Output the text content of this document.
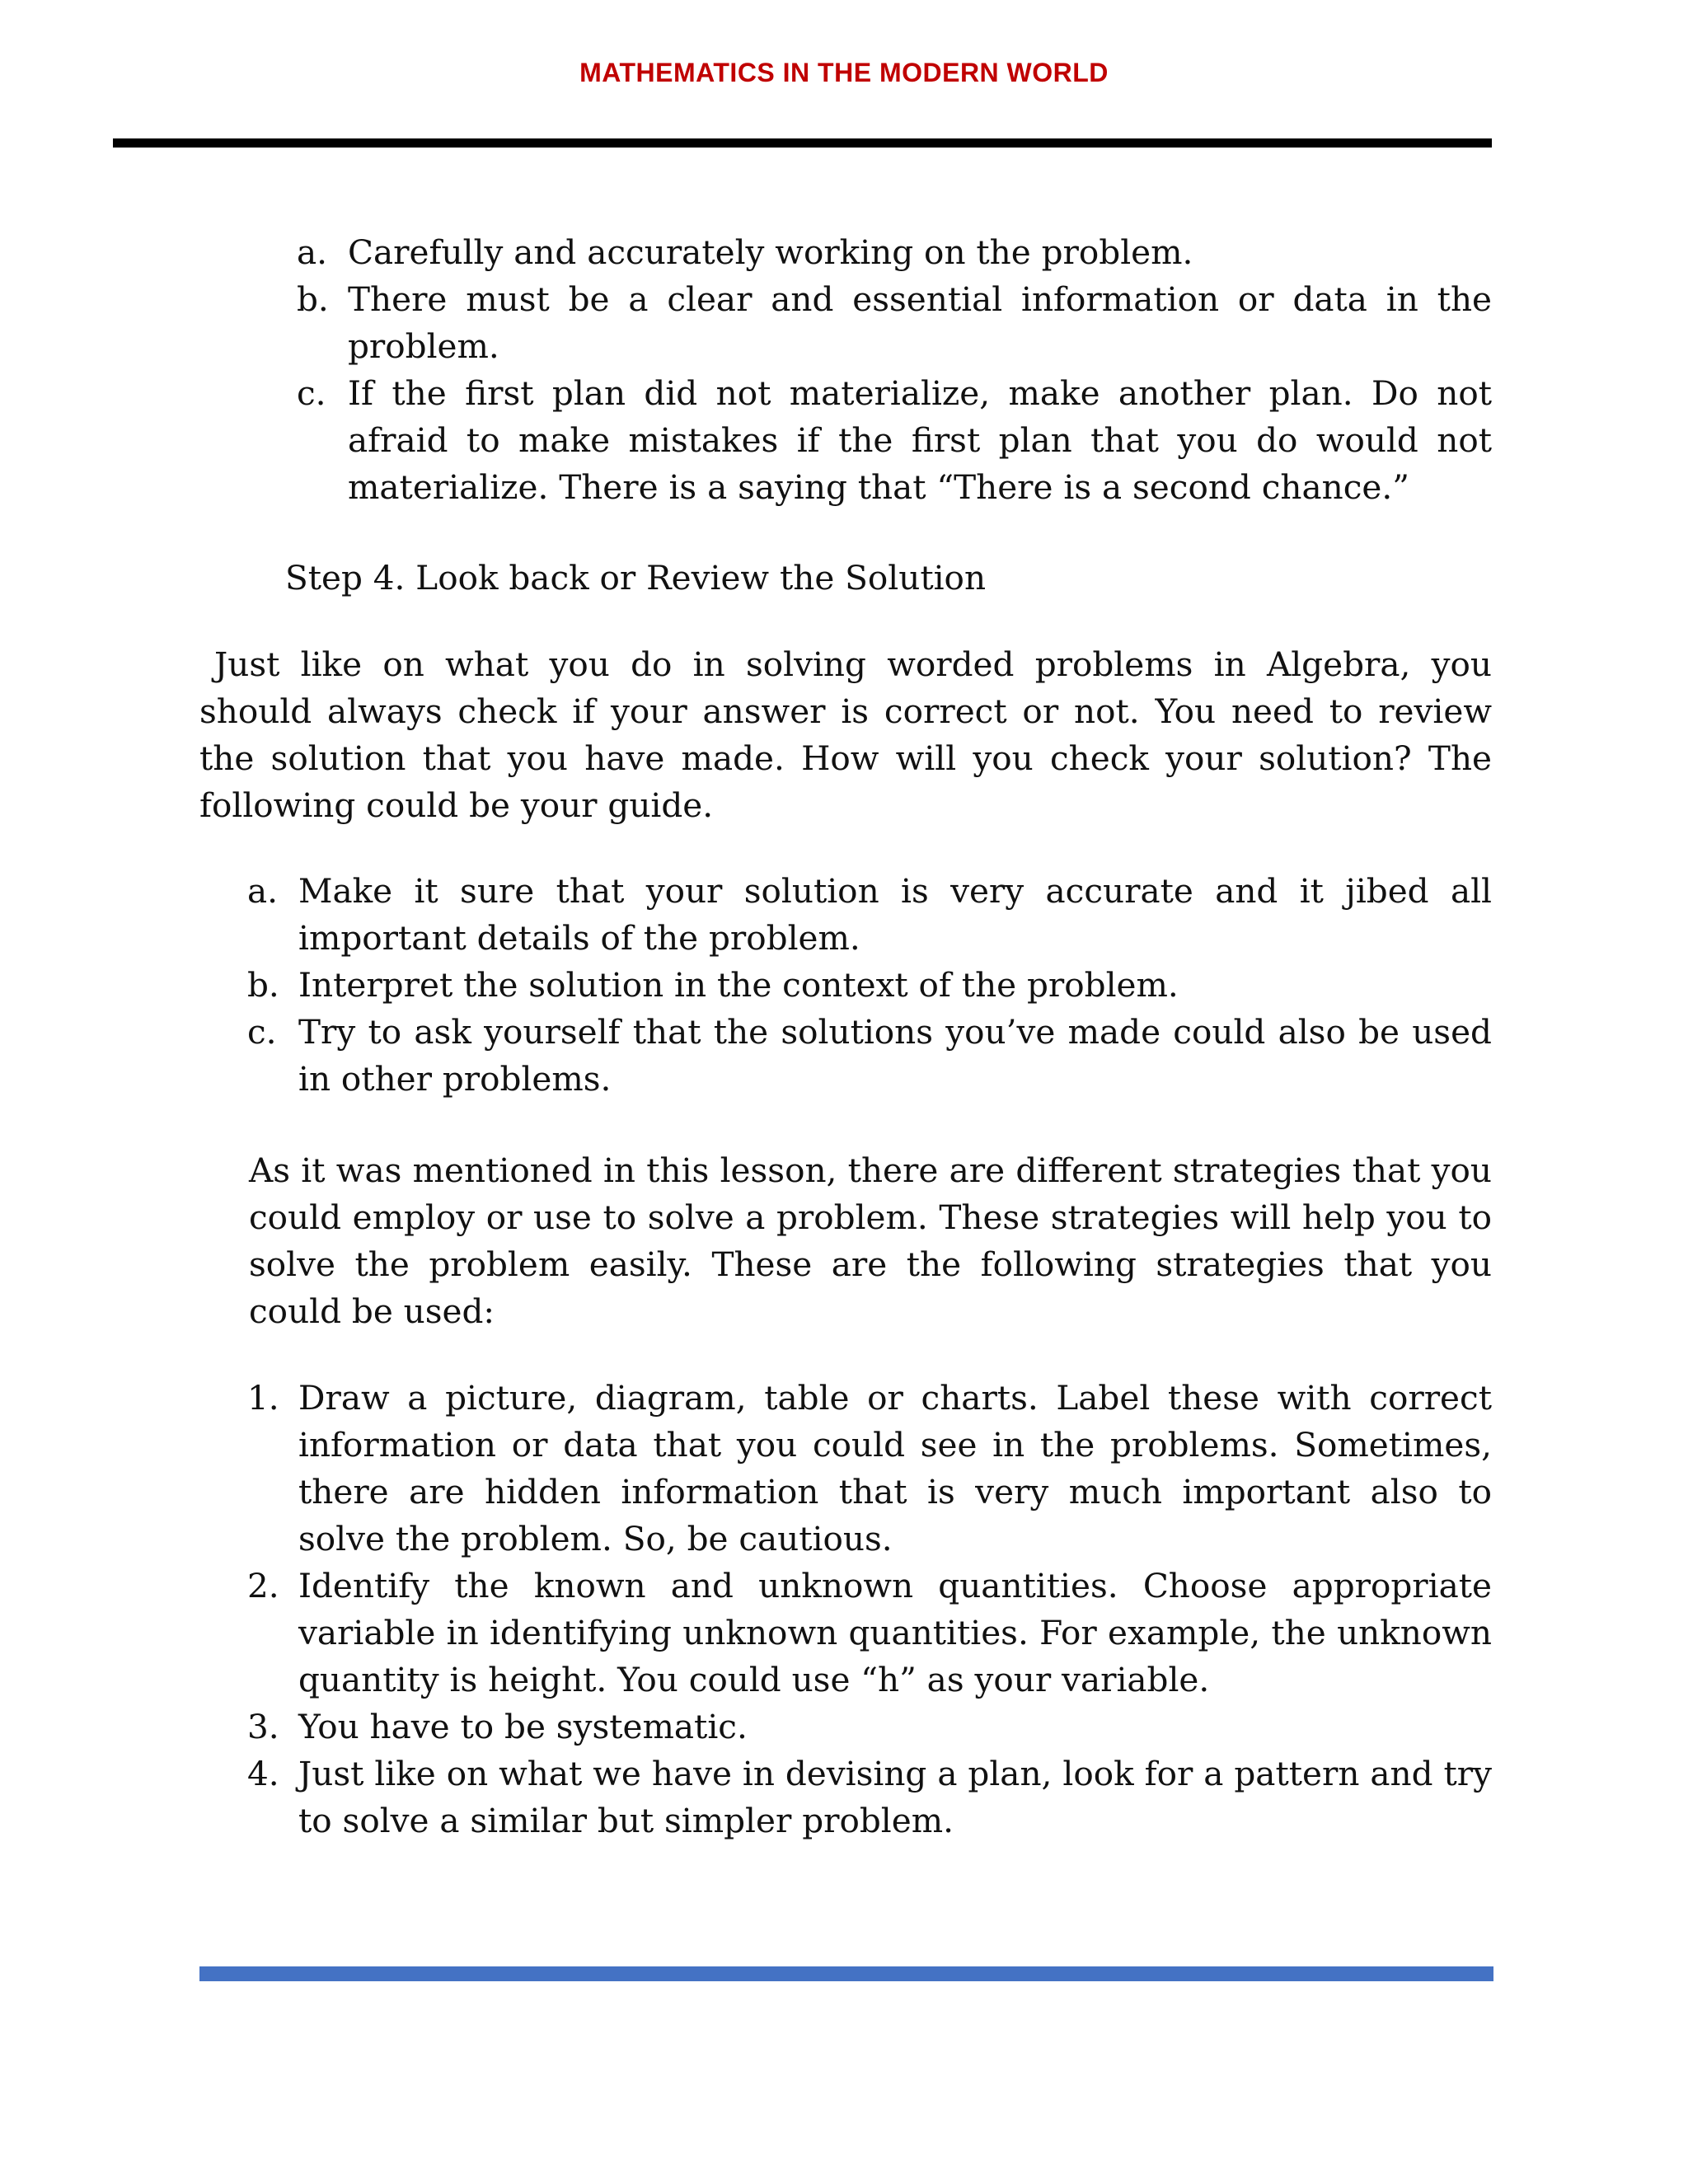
MATHEMATICS IN THE MODERN WORLD
a. Carefully and accurately working on the problem.
b. There must be a clear and essential information or data in the problem.
c. If the first plan did not materialize, make another plan. Do not afraid to make mistakes if the first plan that you do would not materialize. There is a saying that “There is a second chance.”
Step 4. Look back or Review the Solution

Just like on what you do in solving worded problems in Algebra, you should always check if your answer is correct or not. You need to review the solution that you have made. How will you check your solution? The following could be your guide.

a. Make it sure that your solution is very accurate and it jibed all important details of the problem.
b. Interpret the solution in the context of the problem.
c. Try to ask yourself that the solutions you’ve made could also be used in other problems.

As it was mentioned in this lesson, there are different strategies that you could employ or use to solve a problem. These strategies will help you to solve the problem easily. These are the following strategies that you could be used:

1. Draw a picture, diagram, table or charts. Label these with correct information or data that you could see in the problems. Sometimes, there are hidden information that is very much important also to solve the problem. So, be cautious.
2. Identify the known and unknown quantities. Choose appropriate variable in identifying unknown quantities. For example, the unknown quantity is height. You could use “h” as your variable.
3. You have to be systematic.
4. Just like on what we have in devising a plan, look for a pattern and try to solve a similar but simpler problem.
